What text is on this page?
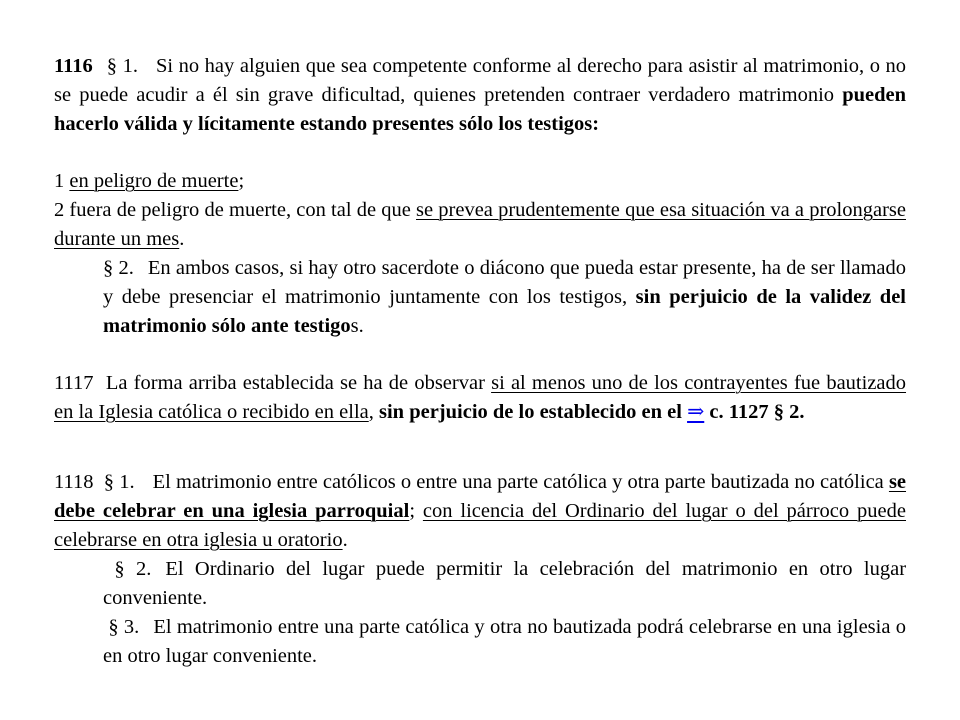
1116 § 1. Si no hay alguien que sea competente conforme al derecho para asistir al matrimonio, o no se puede acudir a él sin grave dificultad, quienes pretenden contraer verdadero matrimonio pueden hacerlo válida y lícitamente estando presentes sólo los testigos:

1 en peligro de muerte;

2 fuera de peligro de muerte, con tal de que se prevea prudentemente que esa situación va a prolongarse durante un mes.

§ 2. En ambos casos, si hay otro sacerdote o diácono que pueda estar presente, ha de ser llamado y debe presenciar el matrimonio juntamente con los testigos, sin perjuicio de la validez del matrimonio sólo ante testigos.

1117 La forma arriba establecida se ha de observar si al menos uno de los contrayentes fue bautizado en la Iglesia católica o recibido en ella, sin perjuicio de lo establecido en el ⇒ c. 1127 § 2.

1118 § 1. El matrimonio entre católicos o entre una parte católica y otra parte bautizada no católica se debe celebrar en una iglesia parroquial; con licencia del Ordinario del lugar o del párroco puede celebrarse en otra iglesia u oratorio.

§ 2. El Ordinario del lugar puede permitir la celebración del matrimonio en otro lugar conveniente.

§ 3. El matrimonio entre una parte católica y otra no bautizada podrá celebrarse en una iglesia o en otro lugar conveniente.
